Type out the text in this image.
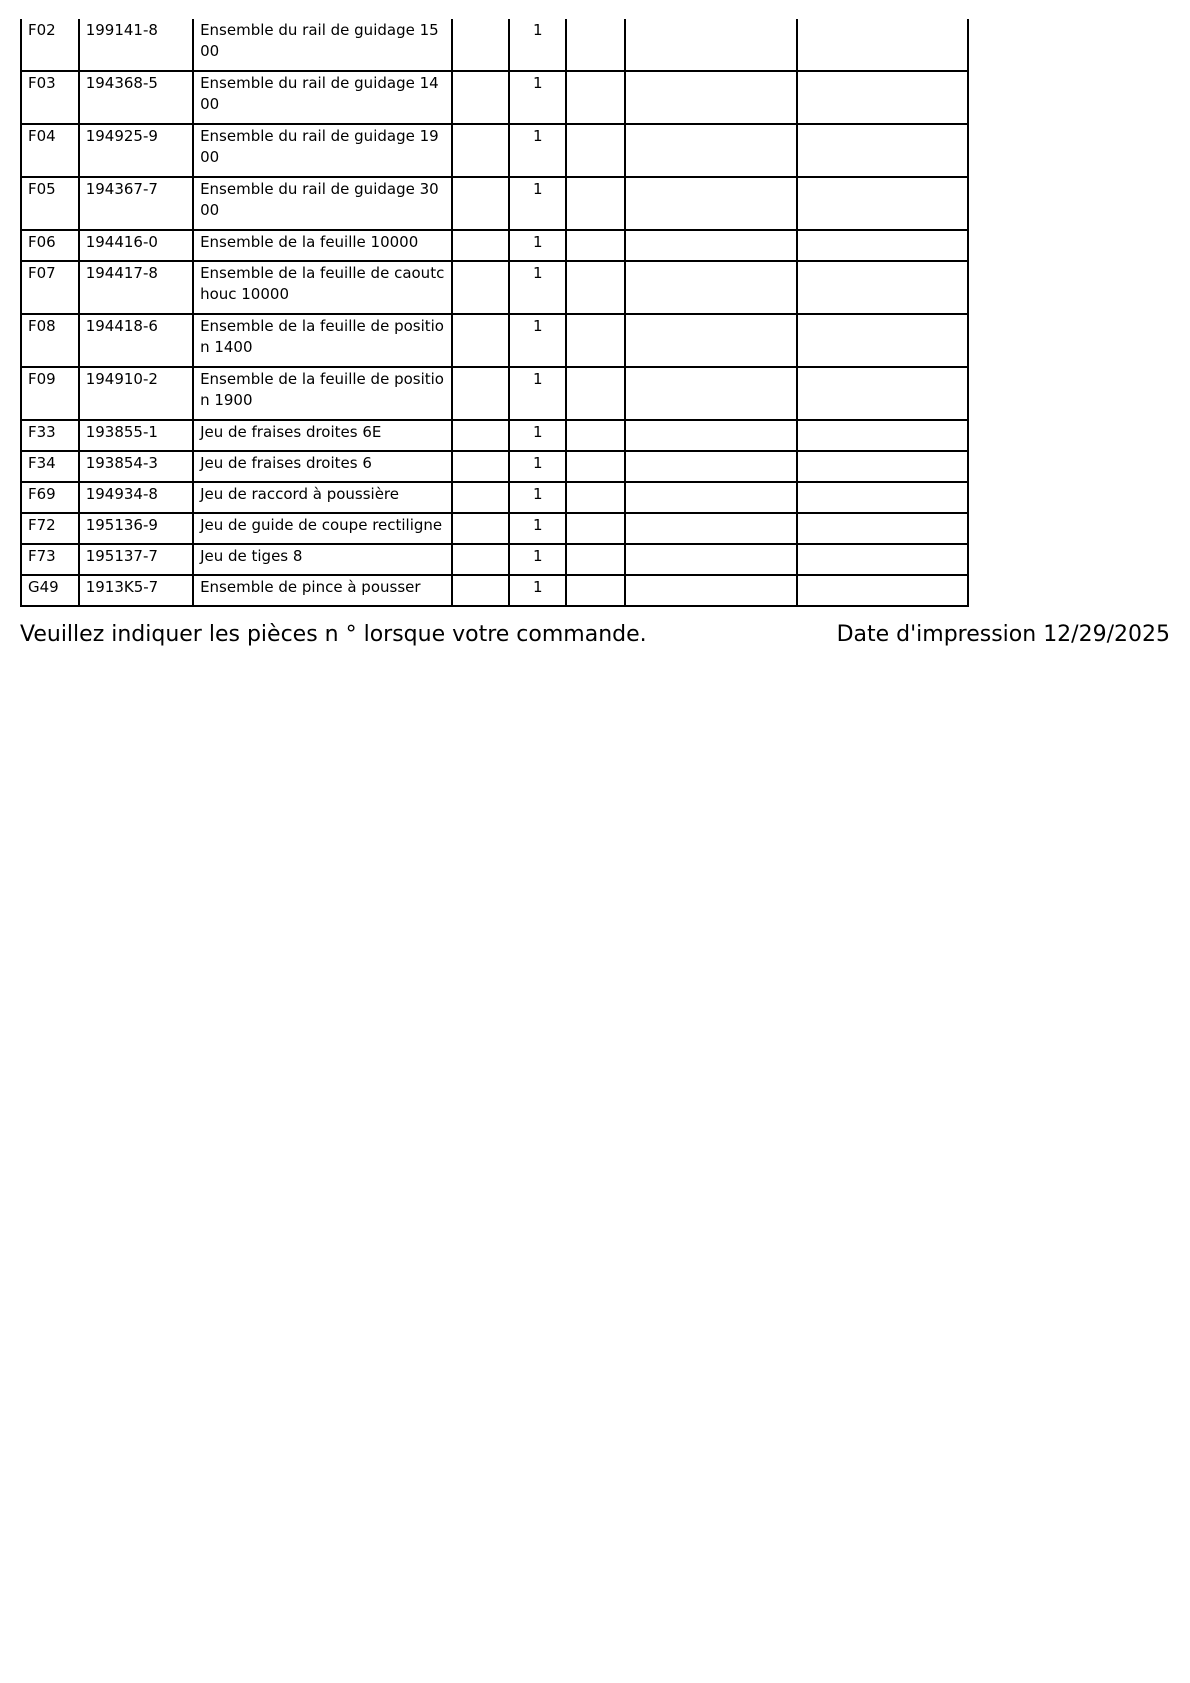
F02	199141-8	Ensemble du rail de guidage 1500		1			
F03	194368-5	Ensemble du rail de guidage 1400		1			
F04	194925-9	Ensemble du rail de guidage 1900		1			
F05	194367-7	Ensemble du rail de guidage 3000		1			
F06	194416-0	Ensemble de la feuille 10000		1			
F07	194417-8	Ensemble de la feuille de caoutchouc 10000		1			
F08	194418-6	Ensemble de la feuille de position 1400		1			
F09	194910-2	Ensemble de la feuille de position 1900		1			
F33	193855-1	Jeu de fraises droites 6E		1			
F34	193854-3	Jeu de fraises droites 6		1			
F69	194934-8	Jeu de raccord à poussière		1			
F72	195136-9	Jeu de guide de coupe rectiligne		1			
F73	195137-7	Jeu de tiges 8		1			
G49	1913K5-7	Ensemble de pince à pousser		1			
Veuillez indiquer les pièces n ° lorsque votre commande.	Date d'impression 12/29/2025
